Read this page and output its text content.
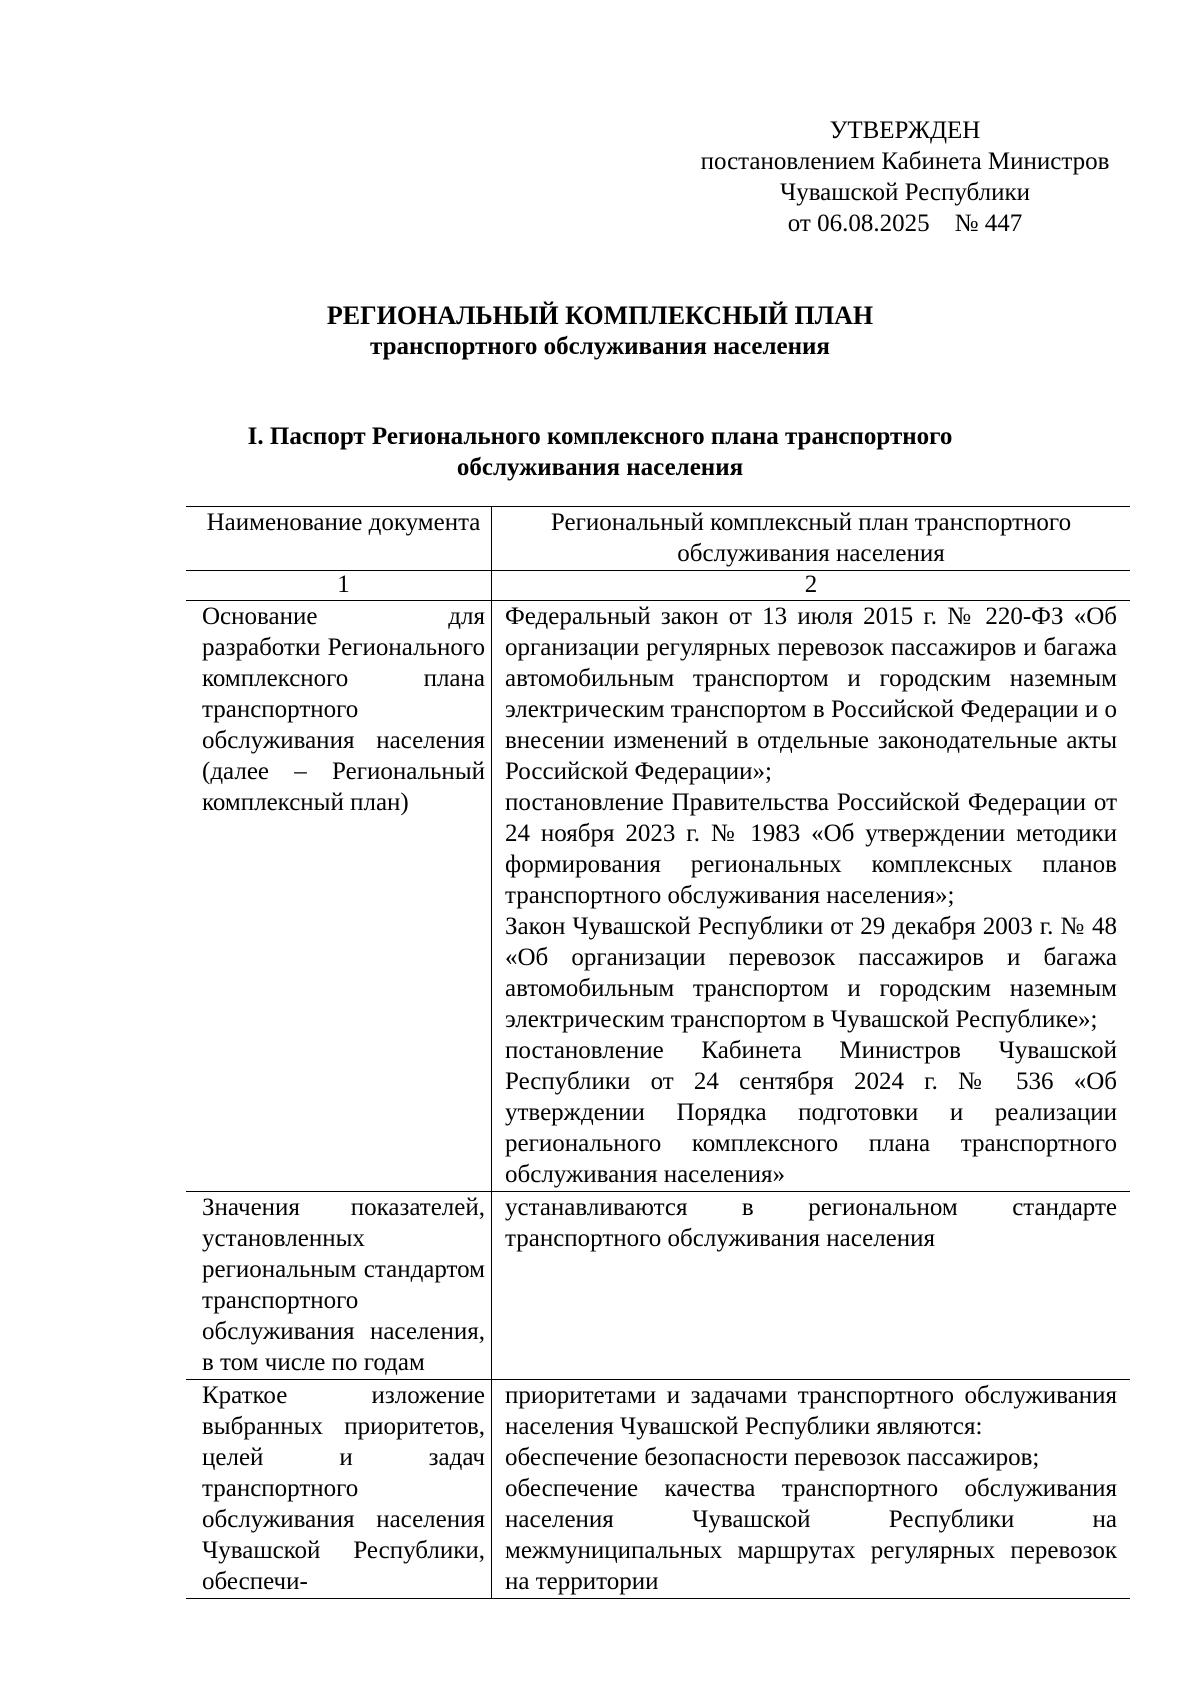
УТВЕРЖДЕН
постановлением Кабинета Министров
Чувашской Республики
от 06.08.2025    № 447
РЕГИОНАЛЬНЫЙ КОМПЛЕКСНЫЙ ПЛАН
транспортного обслуживания населения
I. Паспорт Регионального комплексного плана транспортного
обслуживания населения
Наименование документа	Региональный комплексный план транспортного обслуживания населения
1	2
Основание для разработки Регионального комплексного плана транспортного обслуживания населения (далее – Региональный комплексный план)	Федеральный закон от 13 июля 2015 г. № 220-ФЗ «Об организации регулярных перевозок пассажиров и багажа автомобильным транспортом и городским наземным электрическим транспортом в Российской Федерации и о внесении изменений в отдельные законодательные акты Российской Федерации»;
постановление Правительства Российской Федерации от 24 ноября 2023 г. № 1983 «Об утверждении методики формирования региональных комплексных планов транспортного обслуживания населения»;
Закон Чувашской Республики от 29 декабря 2003 г. № 48 «Об организации перевозок пассажиров и багажа автомобильным транспортом и городским наземным электрическим транспортом в Чувашской Республике»;
постановление Кабинета Министров Чувашской Республики от 24 сентября 2024 г. № 536 «Об утверждении Порядка подготовки и реализации регионального комплексного плана транспортного обслуживания населения»

Значения показателей, установленных региональным стандартом транспортного обслуживания населения, в том числе по годам	устанавливаются в региональном стандарте транспортного обслуживания населения

Краткое изложение выбранных приоритетов, целей и задач транспортного обслуживания населения Чувашской Республики, обеспечи-	приоритетами и задачами транспортного обслуживания населения Чувашской Республики являются:
обеспечение безопасности перевозок пассажиров;
обеспечение качества транспортного обслуживания населения Чувашской Республики на межмуниципальных маршрутах регулярных перевозок на территории
